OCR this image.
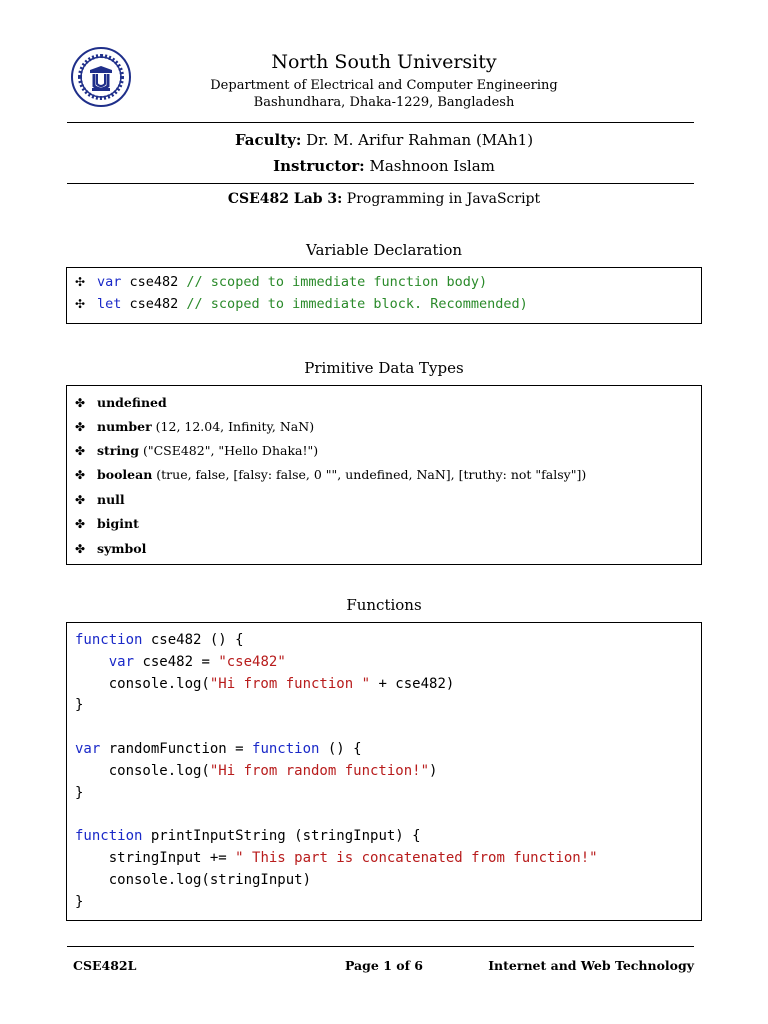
North South University
Department of Electrical and Computer Engineering
Bashundhara, Dhaka-1229, Bangladesh
Faculty: Dr. M. Arifur Rahman (MAh1)
Instructor: Mashnoon Islam
CSE482 Lab 3: Programming in JavaScript
Variable Declaration
✣ var cse482 // scoped to immediate function body)
✣ let cse482 // scoped to immediate block. Recommended)
Primitive Data Types
✤ undefined
✤ number (12, 12.04, Infinity, NaN)
✤ string ("CSE482", "Hello Dhaka!")
✤ boolean (true, false, [falsy: false, 0 "", undefined, NaN], [truthy: not "falsy"])
✤ null
✤ bigint
✤ symbol
Functions
function cse482 () {
var cse482 = "cse482"
console.log("Hi from function " + cse482)
}
var randomFunction = function () {
console.log("Hi from random function!")
}
function printInputString (stringInput) {
stringInput += " This part is concatenated from function!"
console.log(stringInput)
}
CSE482L	Page 1 of 6	Internet and Web Technology
